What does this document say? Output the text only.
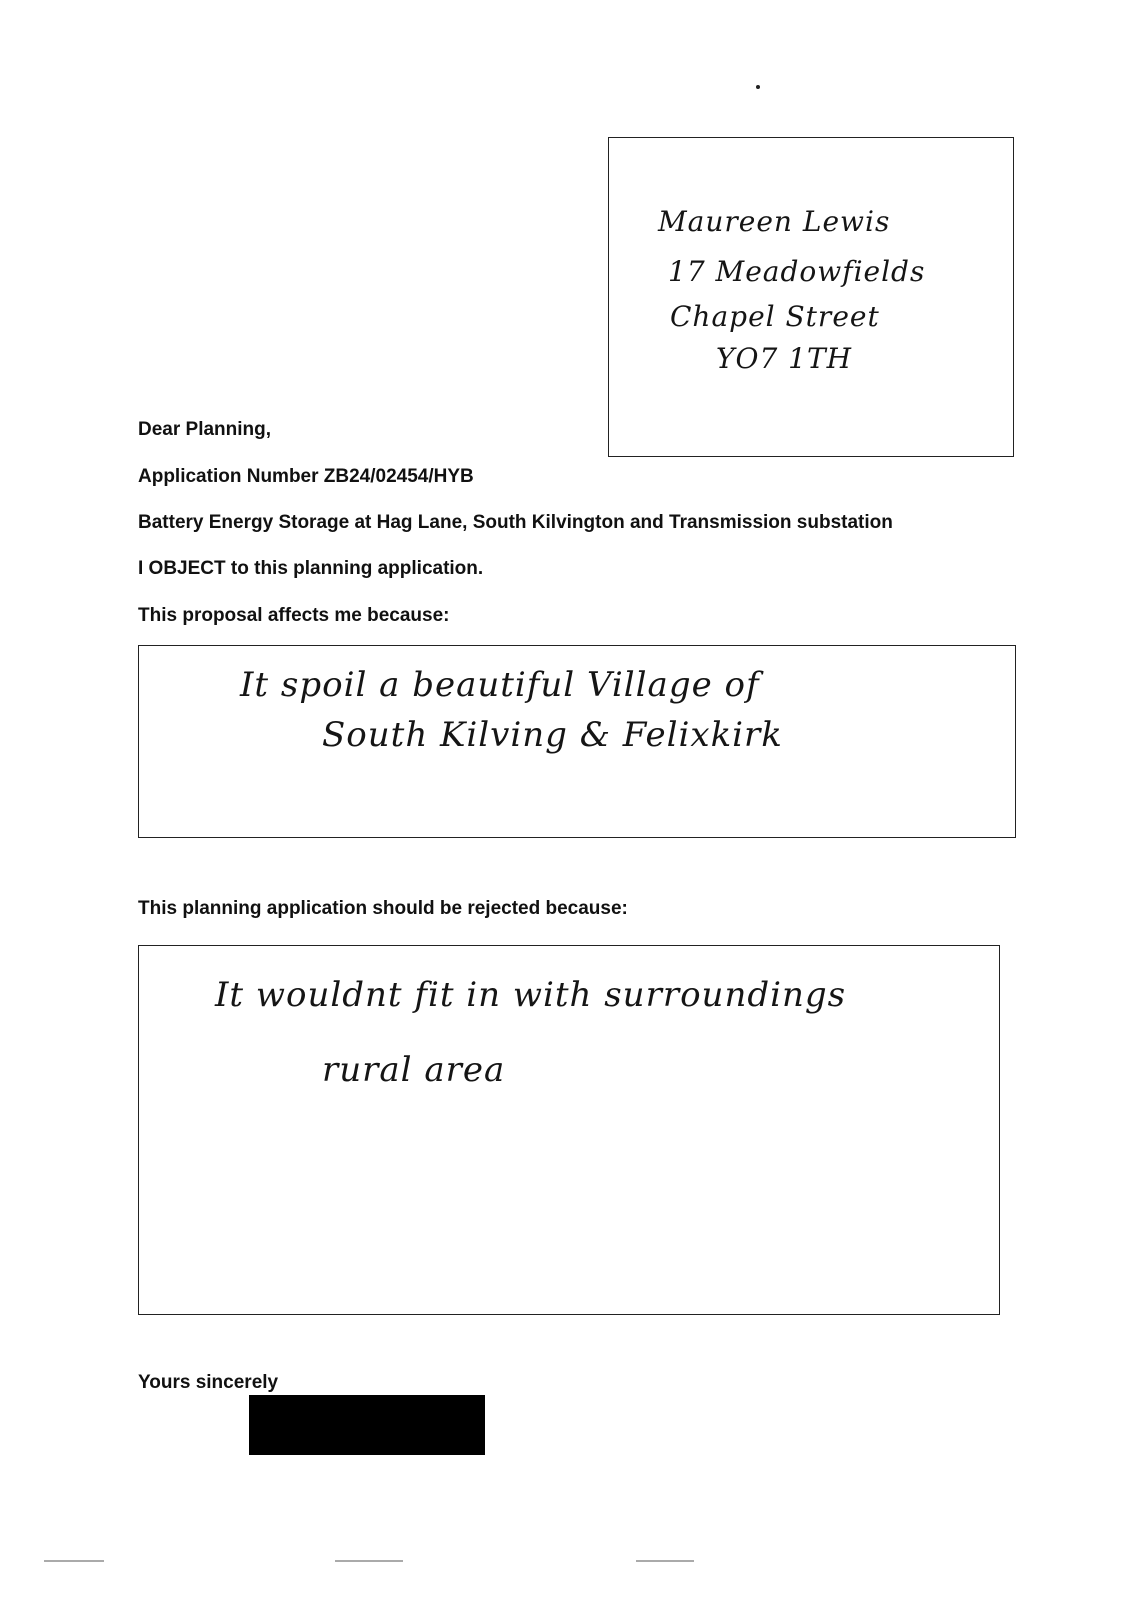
Maureen Lewis
17 Meadowfields
Chapel Street
YO7 1TH
Dear Planning,
Application Number ZB24/02454/HYB
Battery Energy Storage at Hag Lane, South Kilvington and Transmission substation
I OBJECT to this planning application.
This proposal affects me because:
It spoil a beautiful Village of
South Kilving & Felixkirk
This planning application should be rejected because:
It wouldnt fit in with surroundings
rural area
Yours sincerely
